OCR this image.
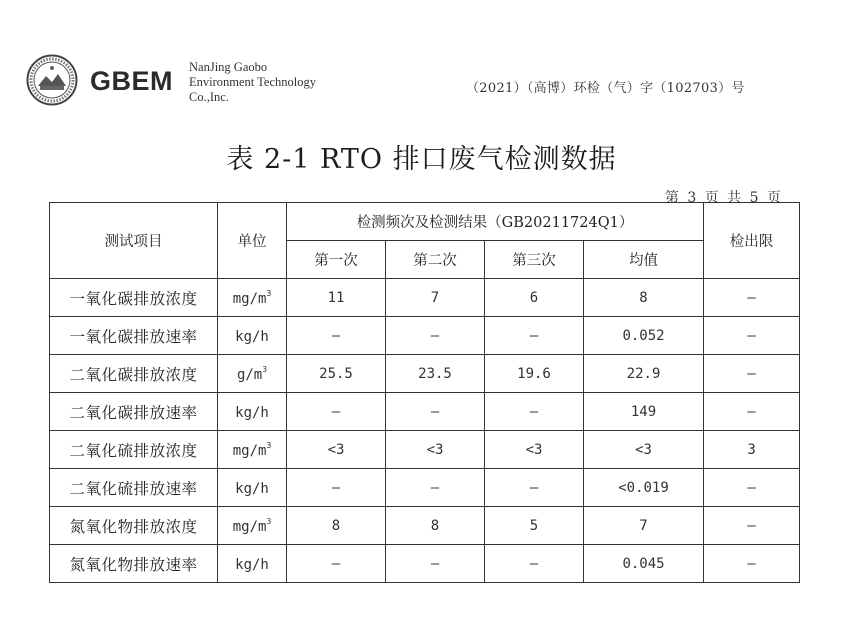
GBEM NanJing Gaobo
Environment Technology
Co.,Inc.
（2021）（高博）环检（气）字（102703）号
表 2-1 RTO 排口废气检测数据
第 3 页 共 5 页
测试项目	单位	检测频次及检测结果（GB20211724Q1）				检出限
		第一次	第二次	第三次	均值	
一氧化碳排放浓度	$mg/m^3$	11	7	6	8	–
一氧化碳排放速率	kg/h	–	–	–	0.052	–
二氧化碳排放浓度	$g/m^3$	25.5	23.5	19.6	22.9	–
二氧化碳排放速率	kg/h	–	–	–	149	–
二氧化硫排放浓度	$mg/m^3$	<3	<3	<3	<3	3
二氧化硫排放速率	kg/h	–	–	–	<0.019	–
氮氧化物排放浓度	$mg/m^3$	8	8	5	7	–
氮氧化物排放速率	kg/h	–	–	–	0.045	–
